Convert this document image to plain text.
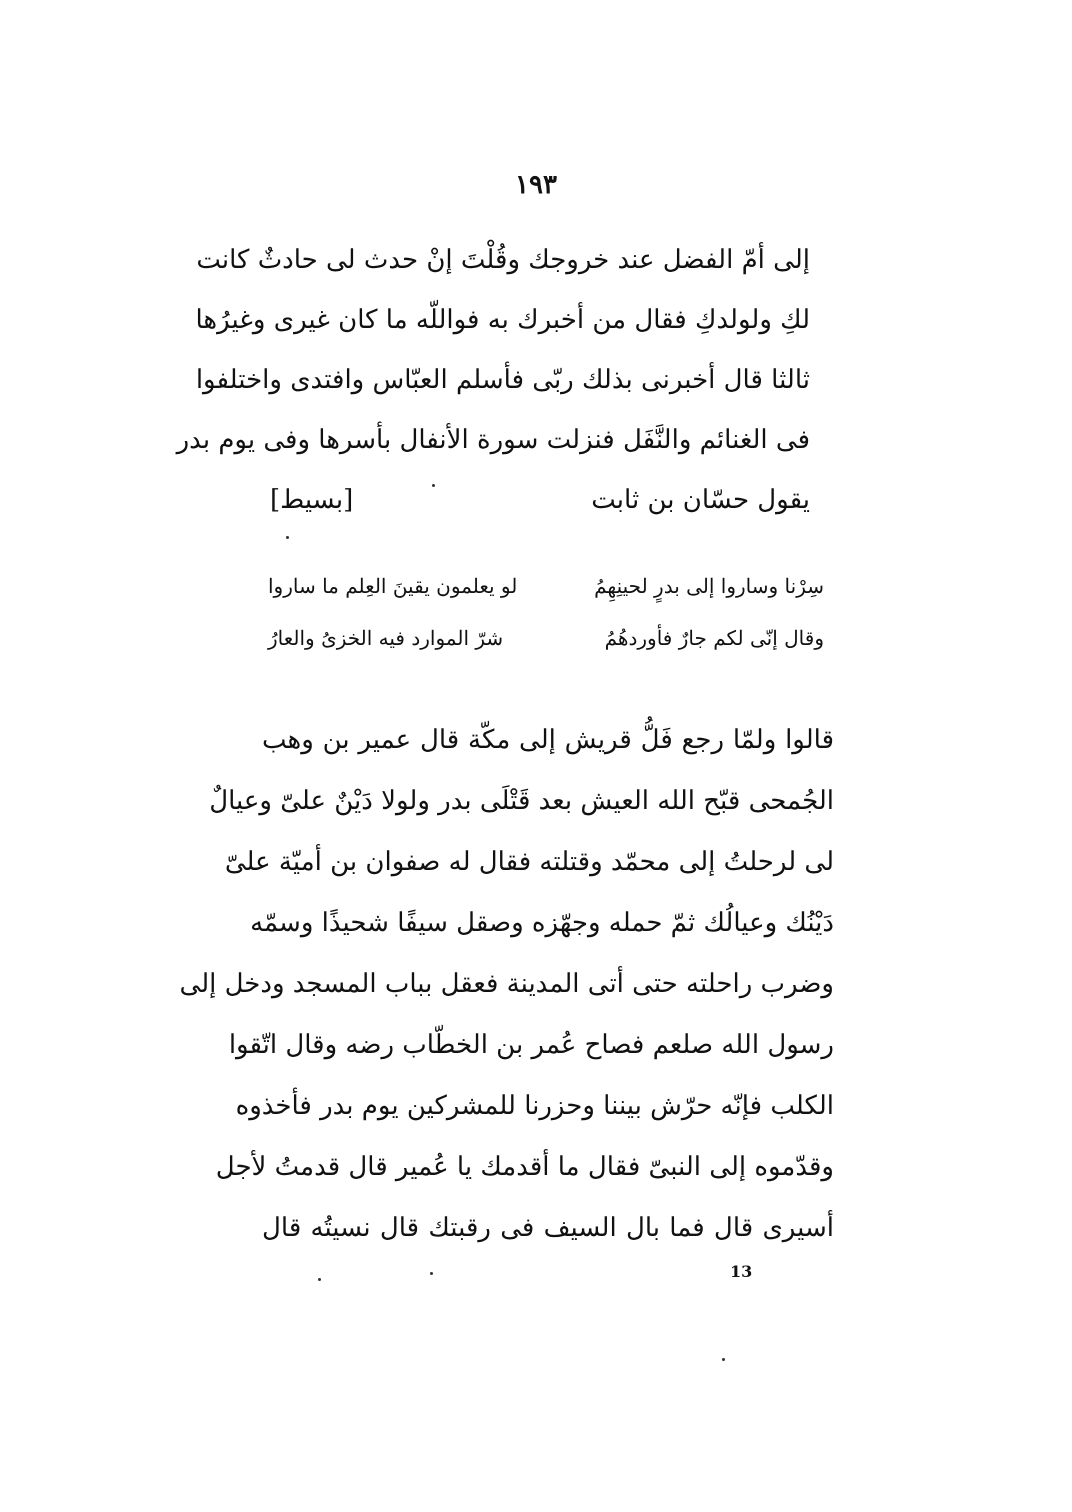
١٩٣
إلى أمّ الفضل عند خروجك وقُلْتَ إنْ حدث لى حادثٌ كانت
لكِ ولولدكِ فقال من أخبرك به فواللّه ما كان غيرى وغيرُها
ثالثا قال أخبرنى بذلك ربّى فأسلم العبّاس وافتدى واختلفوا
فى الغنائم والنَّفَل فنزلت سورة الأنفال بأسرها وفى يوم بدر
يقول حسّان بن ثابت
[بسيط]
سِرْنا وساروا إلى بدرٍ لحينِهِمُ
لو يعلمون يقينَ العِلم ما ساروا
وقال إنّى لكم جارٌ فأوردهُمُ
شرّ الموارد فيه الخزىُ والعارُ
قالوا ولمّا رجع فَلُّ قريش إلى مكّة قال عمير بن وهب
الجُمحى قبّح الله العيش بعد قَتْلَى بدر ولولا دَيْنٌ علىّ وعيالٌ
لى لرحلتُ إلى محمّد وقتلته فقال له صفوان بن أميّة علىّ
دَيْنُك وعيالُك ثمّ حمله وجهّزه وصقل سيفًا شحيذًا وسمّه
وضرب راحلته حتى أتى المدينة فعقل بباب المسجد ودخل إلى
رسول الله صلعم فصاح عُمر بن الخطّاب رضه وقال اتّقوا
الكلب فإنّه حرّش بيننا وحزرنا للمشركين يوم بدر فأخذوه
وقدّموه إلى النبىّ فقال ما أقدمك يا عُمير قال قدمتُ لأجل
أسيرى قال فما بال السيف فى رقبتك قال نسيتُه قال
13
